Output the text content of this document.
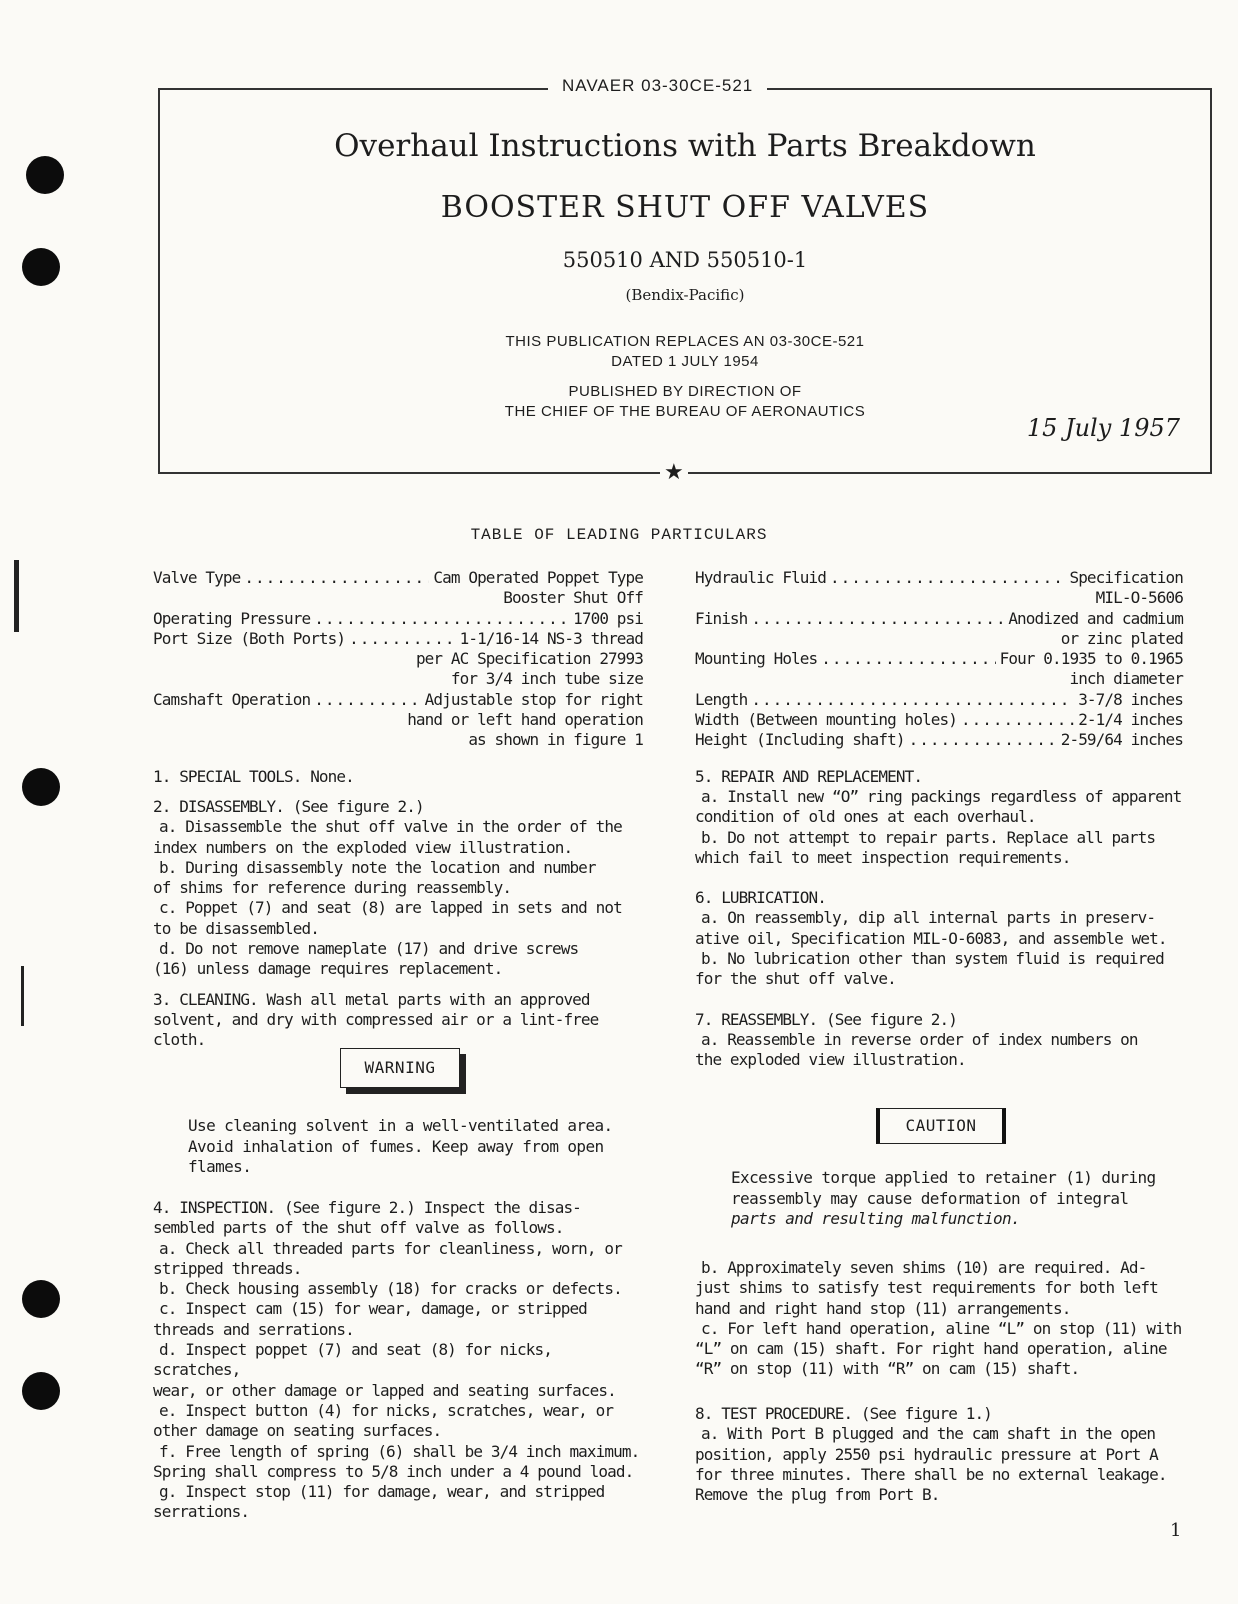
NAVAER 03-30CE-521
★
Overhaul Instructions with Parts Breakdown
BOOSTER SHUT OFF VALVES
550510 AND 550510-1
(Bendix-Pacific)
THIS PUBLICATION REPLACES AN 03-30CE-521
DATED 1 JULY 1954
PUBLISHED BY DIRECTION OF
THE CHIEF OF THE BUREAU OF AERONAUTICS
15 July 1957
TABLE OF LEADING PARTICULARS
Valve Type .....	Cam Operated Poppet Type
Booster Shut Off
Operating Pressure .....	1700 psi
Port Size (Both Ports) .....	1-1/16-14 NS-3 thread
per AC Specification 27993
for 3/4 inch tube size
Camshaft Operation .....	Adjustable stop for right
hand or left hand operation
as shown in figure 1

1. SPECIAL TOOLS. None.

2. DISASSEMBLY. (See figure 2.)

a. Disassemble the shut off valve in the order of the

index numbers on the exploded view illustration.

b. During disassembly note the location and number

of shims for reference during reassembly.

c. Poppet (7) and seat (8) are lapped in sets and not

to be disassembled.

d. Do not remove nameplate (17) and drive screws

(16) unless damage requires replacement.

3. CLEANING. Wash all metal parts with an approved

solvent, and dry with compressed air or a lint-free cloth.

WARNING
Use cleaning solvent in a well-ventilated area.
Avoid inhalation of fumes. Keep away from open
flames.

4. INSPECTION. (See figure 2.) Inspect the disas-

sembled parts of the shut off valve as follows.

a. Check all threaded parts for cleanliness, worn, or

stripped threads.

b. Check housing assembly (18) for cracks or defects.

c. Inspect cam (15) for wear, damage, or stripped

threads and serrations.

d. Inspect poppet (7) and seat (8) for nicks, scratches,

wear, or other damage or lapped and seating surfaces.

e. Inspect button (4) for nicks, scratches, wear, or

other damage on seating surfaces.

f. Free length of spring (6) shall be 3/4 inch maximum.

Spring shall compress to 5/8 inch under a 4 pound load.

g. Inspect stop (11) for damage, wear, and stripped

serrations.

Hydraulic Fluid .....	Specification
MIL-O-5606
Finish .....	Anodized and cadmium
or zinc plated
Mounting Holes .....	Four 0.1935 to 0.1965
inch diameter
Length .....	3-7/8 inches
Width (Between mounting holes) .....	2-1/4 inches
Height (Including shaft) .....	2-59/64 inches

5. REPAIR AND REPLACEMENT.

a. Install new “O” ring packings regardless of apparent

condition of old ones at each overhaul.

b. Do not attempt to repair parts. Replace all parts

which fail to meet inspection requirements.

6. LUBRICATION.

a. On reassembly, dip all internal parts in preserv-

ative oil, Specification MIL-O-6083, and assemble wet.

b. No lubrication other than system fluid is required

for the shut off valve.

7. REASSEMBLY. (See figure 2.)

a. Reassemble in reverse order of index numbers on

the exploded view illustration.

CAUTION
Excessive torque applied to retainer (1) during
reassembly may cause deformation of integral
parts and resulting malfunction.

b. Approximately seven shims (10) are required. Ad-

just shims to satisfy test requirements for both left

hand and right hand stop (11) arrangements.

c. For left hand operation, aline “L” on stop (11) with

“L” on cam (15) shaft. For right hand operation, aline

“R” on stop (11) with “R” on cam (15) shaft.

8. TEST PROCEDURE. (See figure 1.)

a. With Port B plugged and the cam shaft in the open

position, apply 2550 psi hydraulic pressure at Port A

for three minutes. There shall be no external leakage.

Remove the plug from Port B.

1
